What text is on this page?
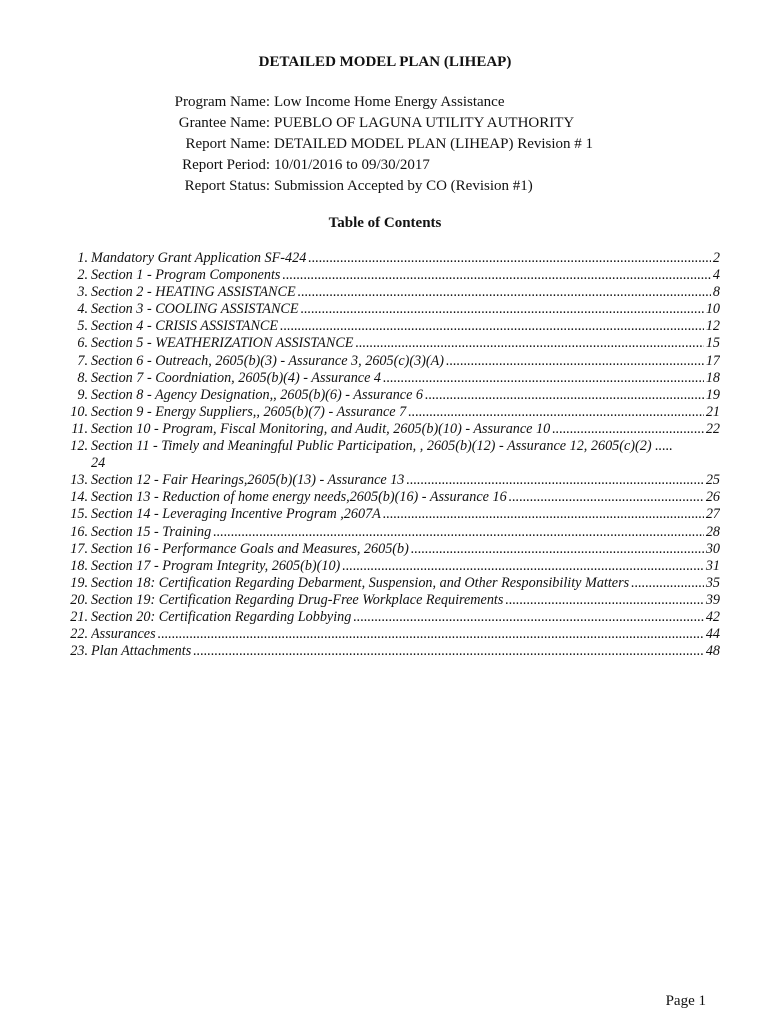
DETAILED MODEL PLAN (LIHEAP)
Program Name: Low Income Home Energy Assistance
Grantee Name: PUEBLO OF LAGUNA UTILITY AUTHORITY
Report Name: DETAILED MODEL PLAN (LIHEAP) Revision # 1
Report Period: 10/01/2016 to 09/30/2017
Report Status: Submission Accepted by CO (Revision #1)
Table of Contents
1. Mandatory Grant Application SF-424 .....	2
2. Section 1 - Program Components .....	4
3. Section 2 - HEATING ASSISTANCE .....	8
4. Section 3 - COOLING ASSISTANCE .....	10
5. Section 4 - CRISIS ASSISTANCE .....	12
6. Section 5 - WEATHERIZATION ASSISTANCE .....	15
7. Section 6 - Outreach, 2605(b)(3) - Assurance 3, 2605(c)(3)(A) .....	17
8. Section 7 - Coordniation, 2605(b)(4) - Assurance 4 .....	18
9. Section 8 - Agency Designation,, 2605(b)(6) - Assurance 6 .....	19
10. Section 9 - Energy Suppliers,, 2605(b)(7) - Assurance 7 .....	21
11. Section 10 - Program, Fiscal Monitoring, and Audit, 2605(b)(10) - Assurance 10 .....	22
12. Section 11 - Timely and Meaningful Public Participation, , 2605(b)(12) - Assurance 12, 2605(c)(2) .....
24
13. Section 12 - Fair Hearings,2605(b)(13) - Assurance 13 .....	25
14. Section 13 - Reduction of home energy needs,2605(b)(16) - Assurance 16 .....	26
15. Section 14 - Leveraging Incentive Program ,2607A .....	27
16. Section 15 - Training .....	28
17. Section 16 - Performance Goals and Measures, 2605(b) .....	30
18. Section 17 - Program Integrity, 2605(b)(10) .....	31
19. Section 18: Certification Regarding Debarment, Suspension, and Other Responsibility Matters .....	35
20. Section 19: Certification Regarding Drug-Free Workplace Requirements .....	39
21. Section 20: Certification Regarding Lobbying .....	42
22. Assurances .....	44
23. Plan Attachments .....	48
Page 1
